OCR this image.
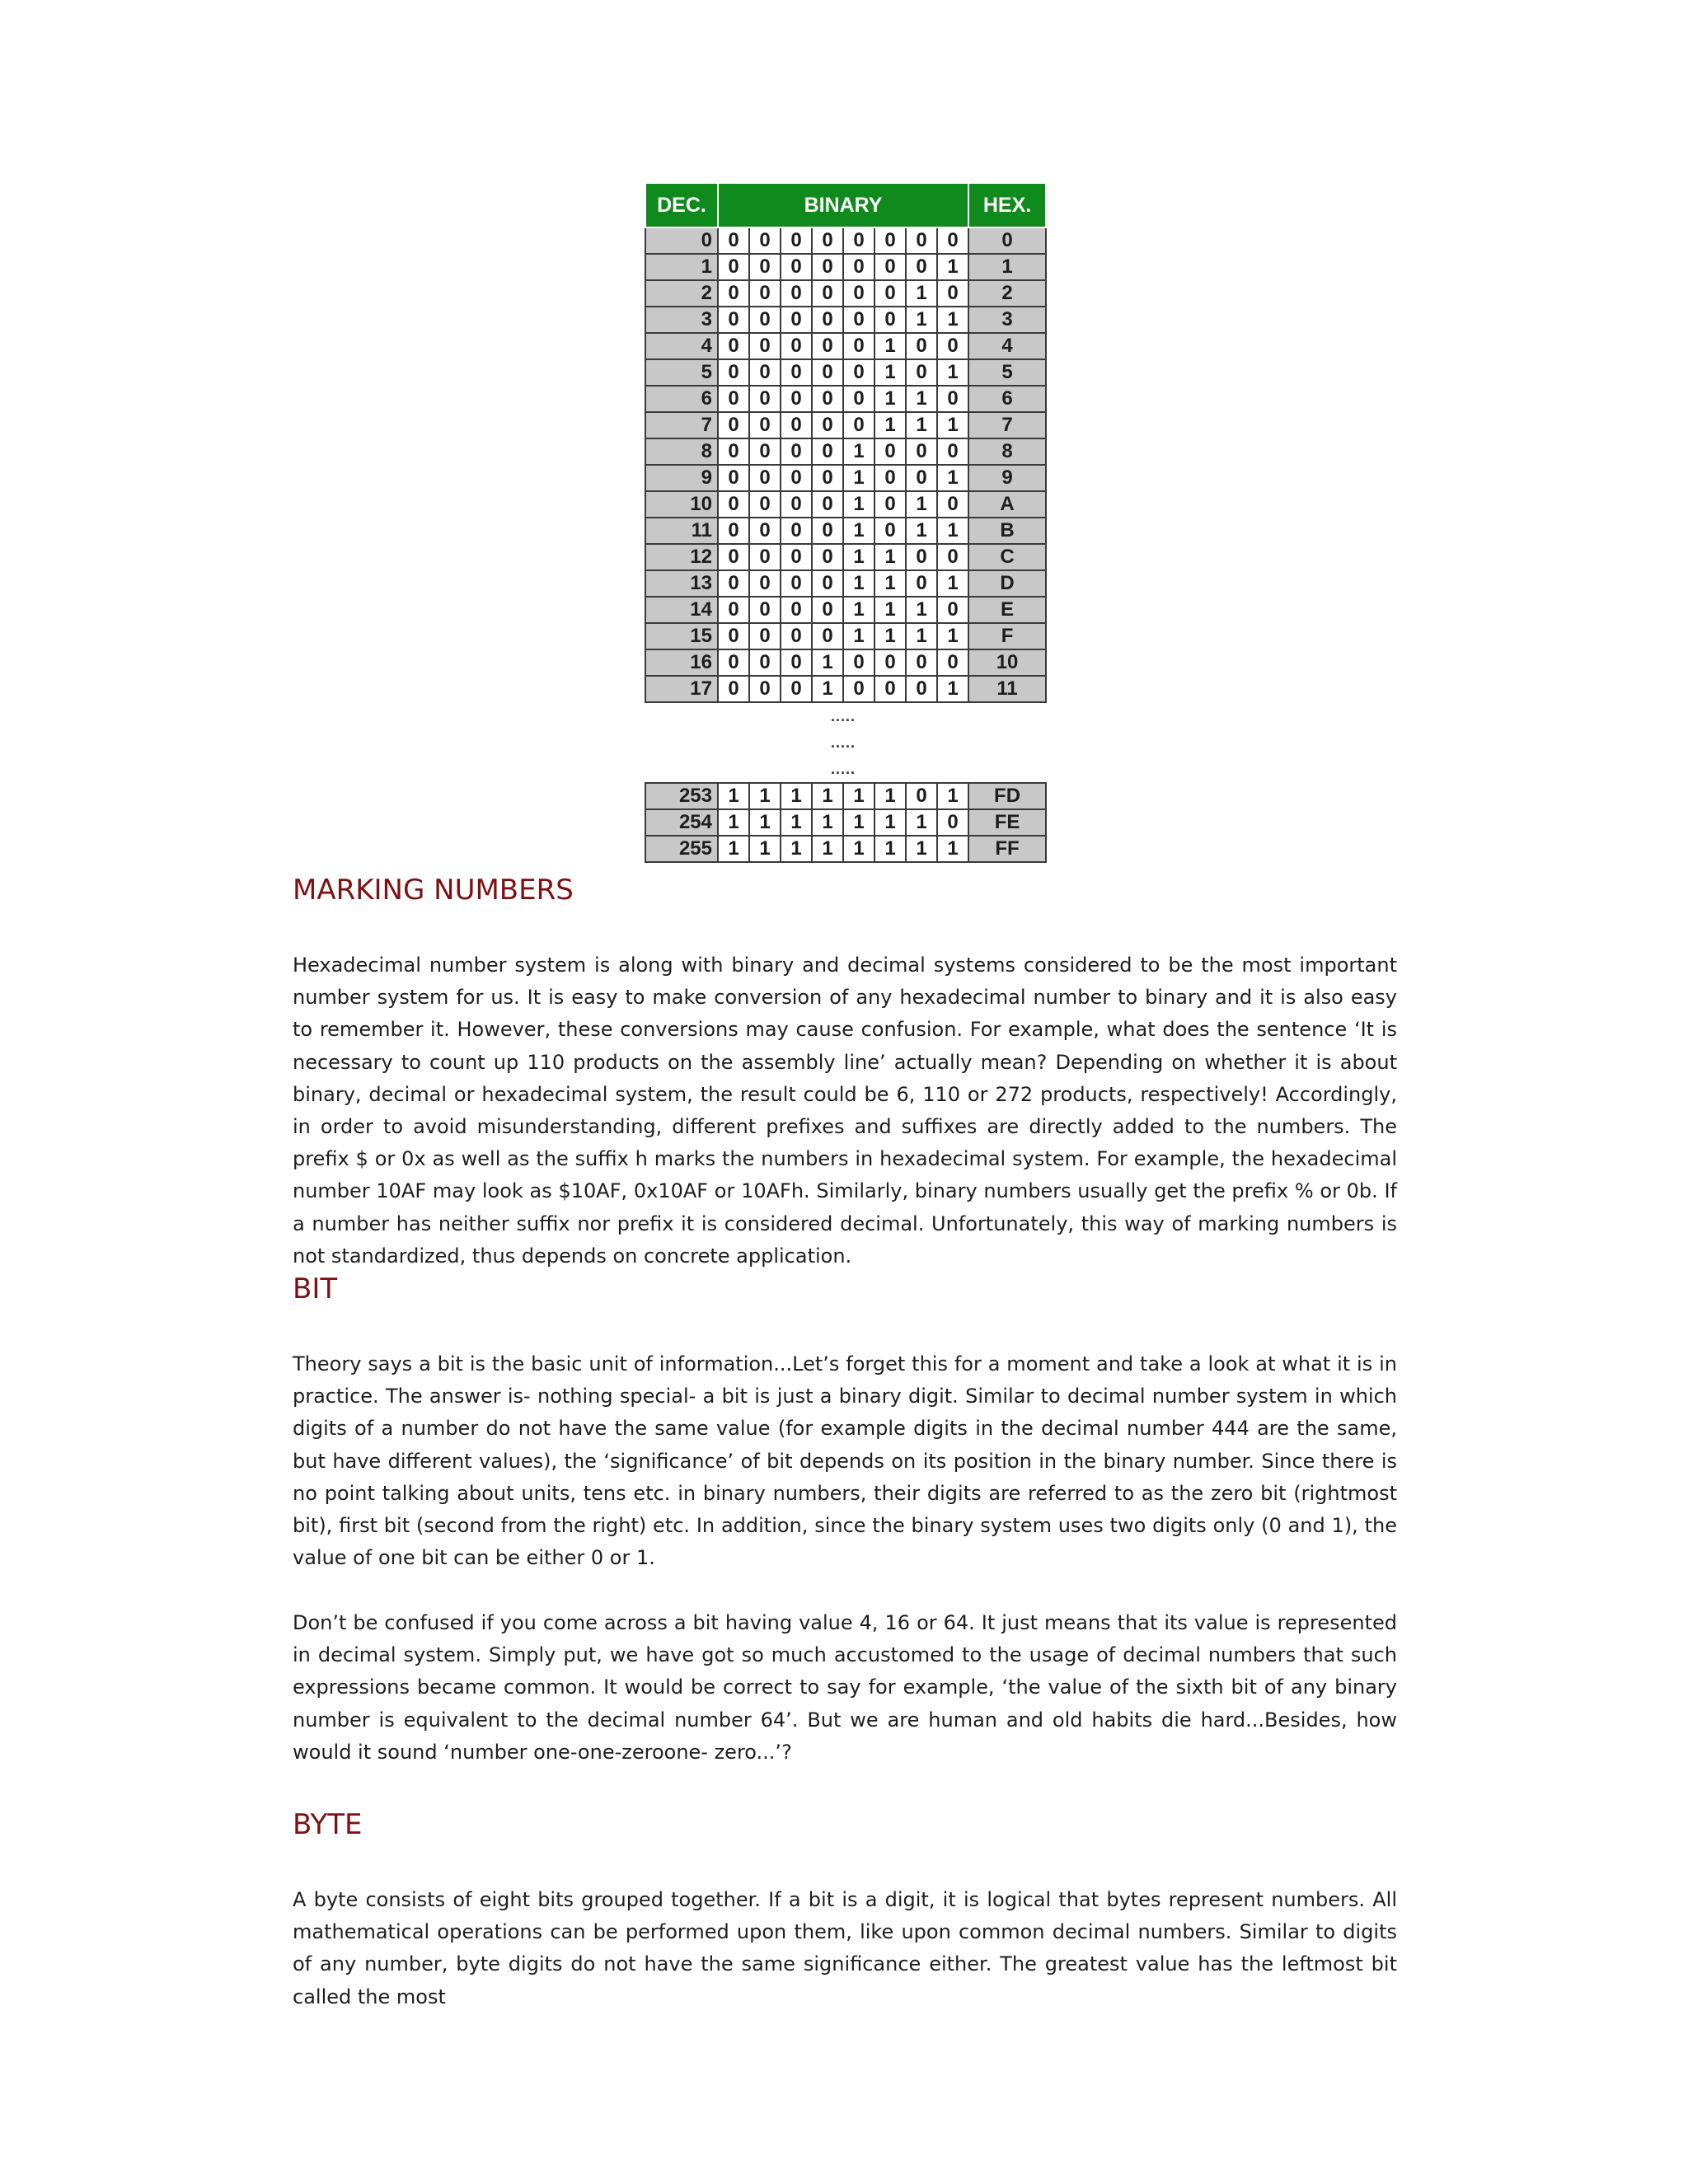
DEC.	BINARY								HEX.
0	0	0	0	0	0	0	0	0	0
1	0	0	0	0	0	0	0	1	1
2	0	0	0	0	0	0	1	0	2
3	0	0	0	0	0	0	1	1	3
4	0	0	0	0	0	1	0	0	4
5	0	0	0	0	0	1	0	1	5
6	0	0	0	0	0	1	1	0	6
7	0	0	0	0	0	1	1	1	7
8	0	0	0	0	1	0	0	0	8
9	0	0	0	0	1	0	0	1	9
10	0	0	0	0	1	0	1	0	A
11	0	0	0	0	1	0	1	1	B
12	0	0	0	0	1	1	0	0	C
13	0	0	0	0	1	1	0	1	D
14	0	0	0	0	1	1	1	0	E
15	0	0	0	0	1	1	1	1	F
16	0	0	0	1	0	0	0	0	10
17	0	0	0	1	0	0	0	1	11
	.....								
	.....								
	.....								
253	1	1	1	1	1	1	0	1	FD
254	1	1	1	1	1	1	1	0	FE
255	1	1	1	1	1	1	1	1	FF
MARKING NUMBERS

Hexadecimal number system is along with binary and decimal systems considered to be the most important number system for us. It is easy to make conversion of any hexadecimal number to binary and it is also easy to remember it. However, these conversions may cause confusion. For example, what does the sentence ‘It is necessary to count up 110 products on the assembly line’ actually mean? Depending on whether it is about binary, decimal or hexadecimal system, the result could be 6, 110 or 272 products, respectively! Accordingly, in order to avoid misunderstanding, different prefixes and suffixes are directly added to the numbers. The prefix $ or 0x as well as the suffix h marks the numbers in hexadecimal system. For example, the hexadecimal number 10AF may look as $10AF, 0x10AF or 10AFh. Similarly, binary numbers usually get the prefix % or 0b. If a number has neither suffix nor prefix it is considered decimal. Unfortunately, this way of marking numbers is not standardized, thus depends on concrete application.

BIT

Theory says a bit is the basic unit of information...Let’s forget this for a moment and take a look at what it is in practice. The answer is- nothing special- a bit is just a binary digit. Similar to decimal number system in which digits of a number do not have the same value (for example digits in the decimal number 444 are the same, but have different values), the ‘significance’ of bit depends on its position in the binary number. Since there is no point talking about units, tens etc. in binary numbers, their digits are referred to as the zero bit (rightmost bit), first bit (second from the right) etc. In addition, since the binary system uses two digits only (0 and 1), the value of one bit can be either 0 or 1.

Don’t be confused if you come across a bit having value 4, 16 or 64. It just means that its value is represented in decimal system. Simply put, we have got so much accustomed to the usage of decimal numbers that such expressions became common. It would be correct to say for example, ‘the value of the sixth bit of any binary number is equivalent to the decimal number 64’. But we are human and old habits die hard...Besides, how would it sound ‘number one-one-zeroone- zero...’?

BYTE

A byte consists of eight bits grouped together. If a bit is a digit, it is logical that bytes represent numbers. All mathematical operations can be performed upon them, like upon common decimal numbers. Similar to digits of any number, byte digits do not have the same significance either. The greatest value has the leftmost bit called the most
